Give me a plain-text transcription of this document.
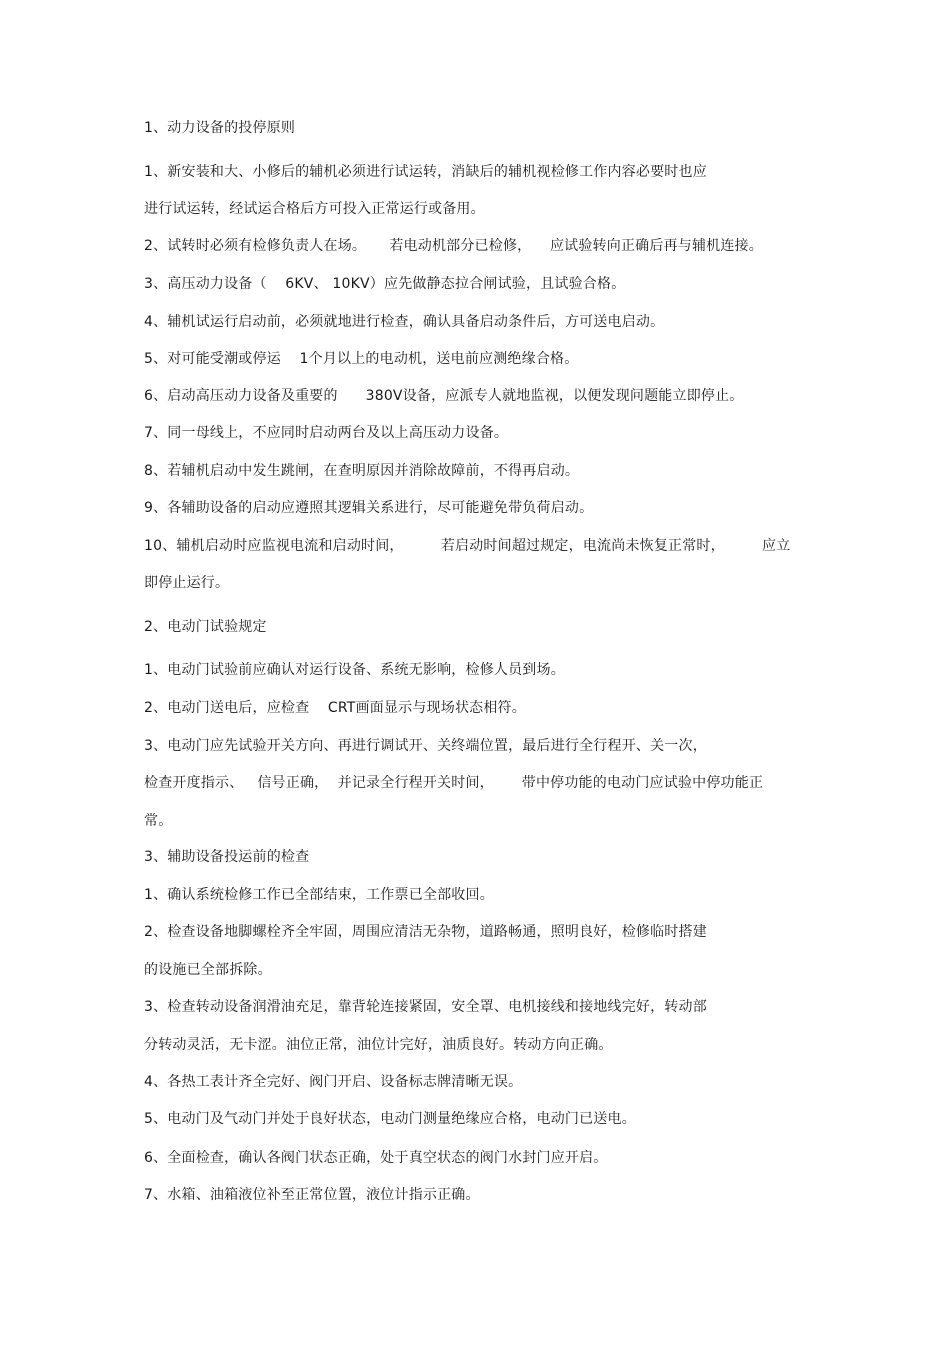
1、动力设备的投停原则
1、新安装和大、小修后的辅机必须进行试运转，消缺后的辅机视检修工作内容必要时也应
进行试运转，经试运合格后方可投入正常运行或备用。
2、试转时必须有检修负责人在场。     若电动机部分已检修，    应试验转向正确后再与辅机连接。
3、高压动力设备（    6KV、 10KV）应先做静态拉合闸试验，且试验合格。
4、辅机试运行启动前，必须就地进行检查，确认具备启动条件后，方可送电启动。
5、对可能受潮或停运    1个月以上的电动机，送电前应测绝缘合格。
6、启动高压动力设备及重要的      380V设备，应派专人就地监视，以便发现问题能立即停止。
7、同一母线上，不应同时启动两台及以上高压动力设备。
8、若辅机启动中发生跳闸，在查明原因并消除故障前，不得再启动。
9、各辅助设备的启动应遵照其逻辑关系进行，尽可能避免带负荷启动。
10、辅机启动时应监视电流和启动时间，        若启动时间超过规定，电流尚未恢复正常时，        应立
即停止运行。
2、电动门试验规定
1、电动门试验前应确认对运行设备、系统无影响，检修人员到场。
2、电动门送电后，应检查    CRT画面显示与现场状态相符。
3、电动门应先试验开关方向、再进行调试开、关终端位置，最后进行全行程开、关一次，
检查开度指示、   信号正确，  并记录全行程开关时间，      带中停功能的电动门应试验中停功能正
常。
3、辅助设备投运前的检查
1、确认系统检修工作已全部结束，工作票已全部收回。
2、检查设备地脚螺栓齐全牢固，周围应清洁无杂物，道路畅通，照明良好，检修临时搭建
的设施已全部拆除。
3、检查转动设备润滑油充足，靠背轮连接紧固，安全罩、电机接线和接地线完好，转动部
分转动灵活，无卡涩。油位正常，油位计完好，油质良好。转动方向正确。
4、各热工表计齐全完好、阀门开启、设备标志牌清晰无误。
5、电动门及气动门并处于良好状态，电动门测量绝缘应合格，电动门已送电。
6、全面检查，确认各阀门状态正确，处于真空状态的阀门水封门应开启。
7、水箱、油箱液位补至正常位置，液位计指示正确。
